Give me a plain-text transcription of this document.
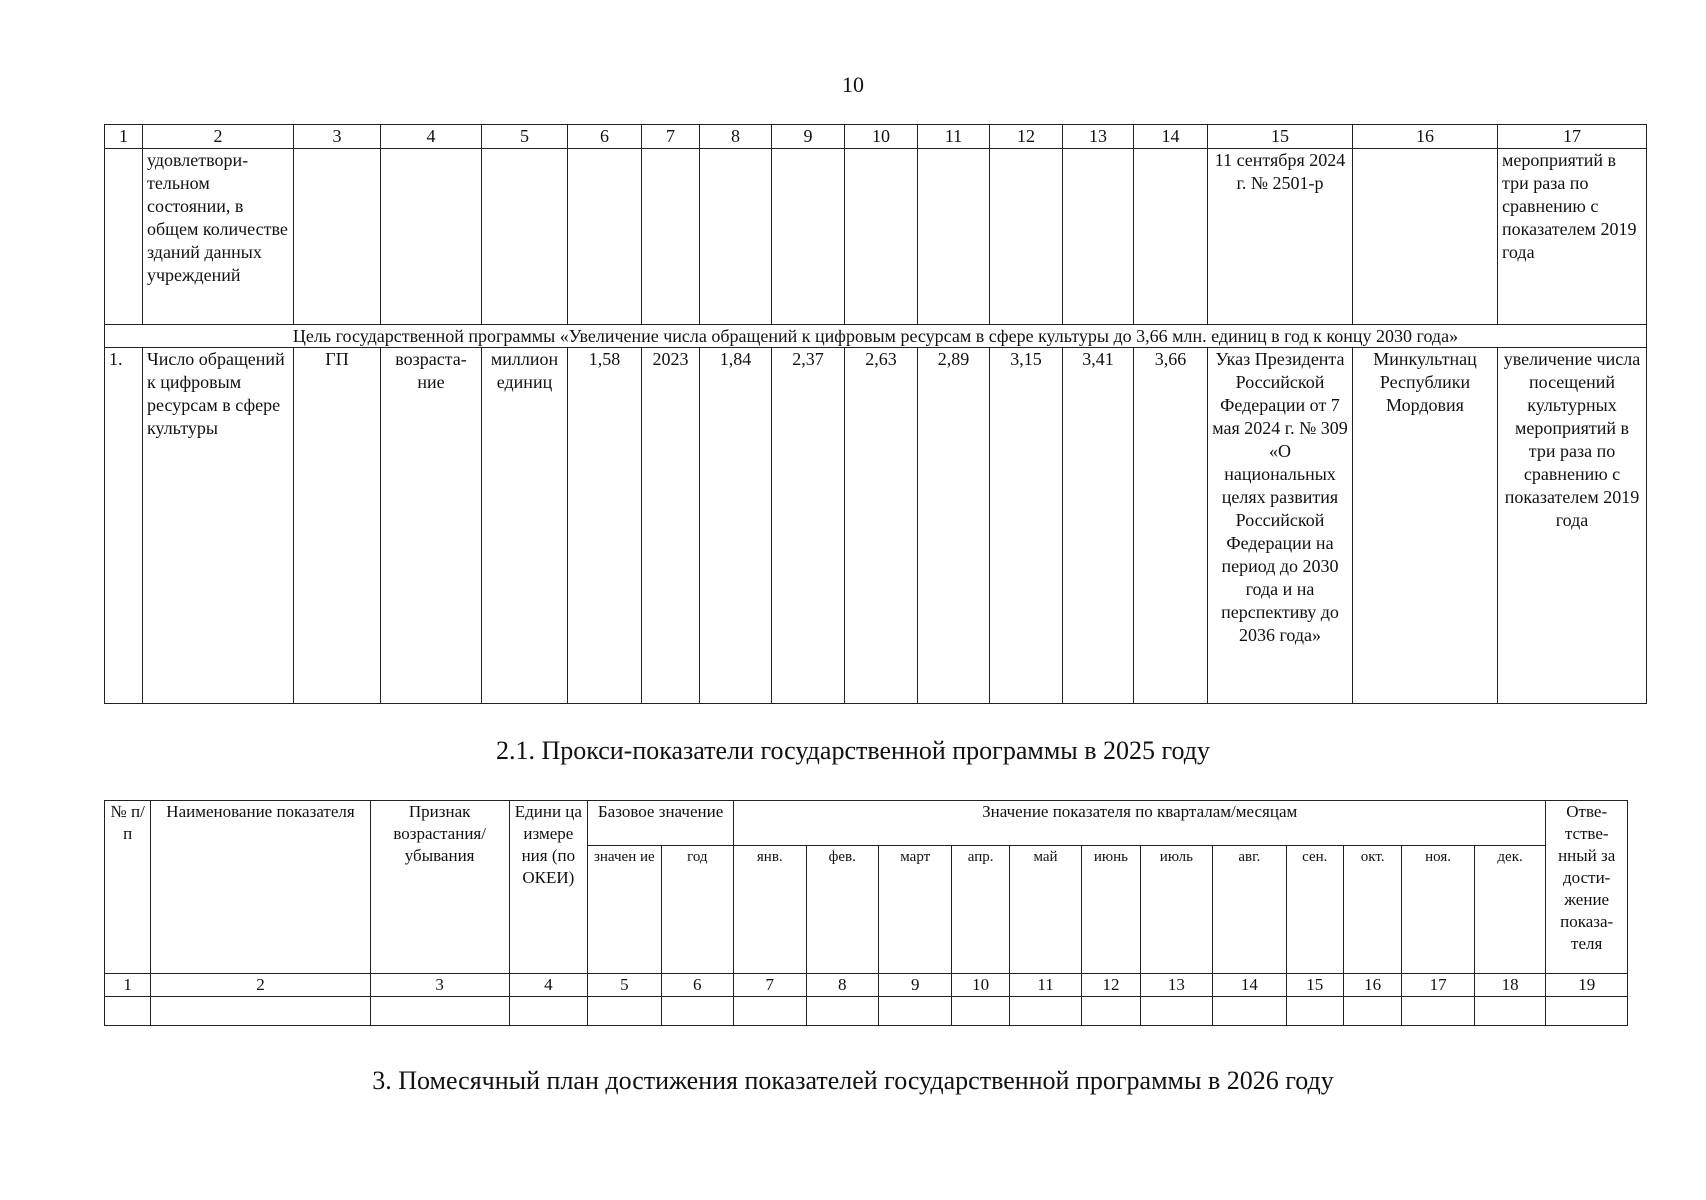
10
1	2	3	4	5	6	7	8	9	10	11	12	13	14	15	16	17
	удовлетвори-тельном состоянии, в общем количестве зданий данных учреждений													11 сентября 2024 г. № 2501-р		мероприятий в три раза по сравнению с показателем 2019 года
Цель государственной программы «Увеличение числа обращений к цифровым ресурсам в сфере культуры до 3,66 млн. единиц в год к концу 2030 года»																
1.	Число обращений к цифровым ресурсам в сфере культуры	ГП	возраста-ние	миллион единиц	1,58	2023	1,84	2,37	2,63	2,89	3,15	3,41	3,66	Указ Президента Российской Федерации от 7 мая 2024 г. № 309 «О национальных целях развития Российской Федерации на период до 2030 года и на перспективу до 2036 года»	Минкультнац Республики Мордовия	увеличение числа посещений культурных мероприятий в три раза по сравнению с показателем 2019 года
2.1. Прокси-показатели государственной программы в 2025 году
№ п/п	Наименование показателя	Признак возрастания/ убывания	Едини ца измере ния (по ОКЕИ)	Базовое значение		Значение показателя по кварталам/месяцам												Отве-тстве-нный за дости-жение показа-теля
				значен ие	год	янв.	фев.	март	апр.	май	июнь	июль	авг.	сен.	окт.	ноя.	дек.	
1	2	3	4	5	6	7	8	9	10	11	12	13	14	15	16	17	18	19

3. Помесячный план достижения показателей государственной программы в 2026 году
